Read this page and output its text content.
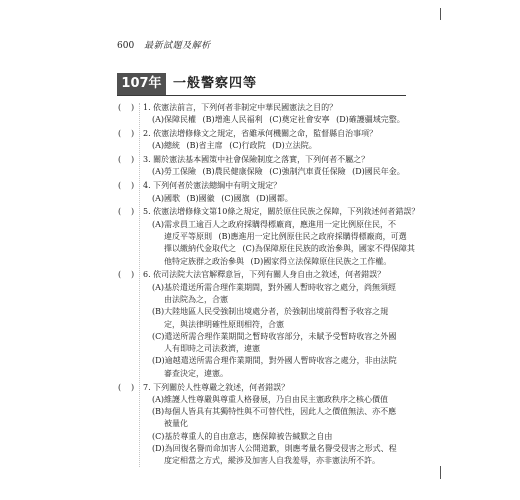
600 最新試題及解析
107年 一般警察四等
( ) 1. 依憲法前言，下列何者非制定中華民國憲法之目的？
(A)保障民權 (B)增進人民福利 (C)奠定社會安寧 (D)確護疆域完整。
( ) 2. 依憲法增修條文之規定，省雖承何機關之命，監督縣自治事項？
(A)總統 (B)省主席 (C)行政院 (D)立法院。
( ) 3. 關於憲法基本國策中社會保險制度之落實，下列何者不屬之？
(A)勞工保險 (B)農民健康保險 (C)強制汽車責任保險 (D)國民年金。
( ) 4. 下列何者於憲法總綱中有明文規定？
(A)國歌 (B)國徽 (C)國旗 (D)國都。
( ) 5. 依憲法增修條文第10條之規定，關於原住民族之保障，下列敘述何者錯誤？
(A)需求員工逾百人之政府採購得標廠商，應進用一定比例原住民，不
違反平等原則 (B)應進用一定比例原住民之政府採購得標廠商，可選
擇以繳納代金取代之 (C)為保障原住民族的政治參與，國家不得保障其
他特定族群之政治參與 (D)國家得立法保障原住民族之工作權。
( ) 6. 依司法院大法官解釋意旨，下列有關人身自由之敘述，何者錯誤？
(A)基於遣送所需合理作業期間，對外國人暫時收容之處分，尚無須經
由法院為之，合憲
(B)大陸地區人民受強制出境處分者，於強制出境前得暫予收容之規
定，與法律明確性原則相符，合憲
(C)遣送所需合理作業期間之暫時收容部分，未賦予受暫時收容之外國
人有即時之司法救濟，違憲
(D)逾越遣送所需合理作業期間，對外國人暫時收容之處分，非由法院
審查決定，違憲。
( ) 7. 下列關於人性尊嚴之敘述，何者錯誤？
(A)維護人性尊嚴與尊重人格發展，乃自由民主憲政秩序之核心價值
(B)每個人皆具有其獨特性與不可替代性，因此人之價值無法、亦不應
被量化
(C)基於尊重人的自由意志，應保障被告緘默之自由
(D)為回復名譽而命加害人公開道歉，則應考量名譽受侵害之形式、程
度定相當之方式，縱涉及加害人自我羞辱，亦非憲法所不許。
